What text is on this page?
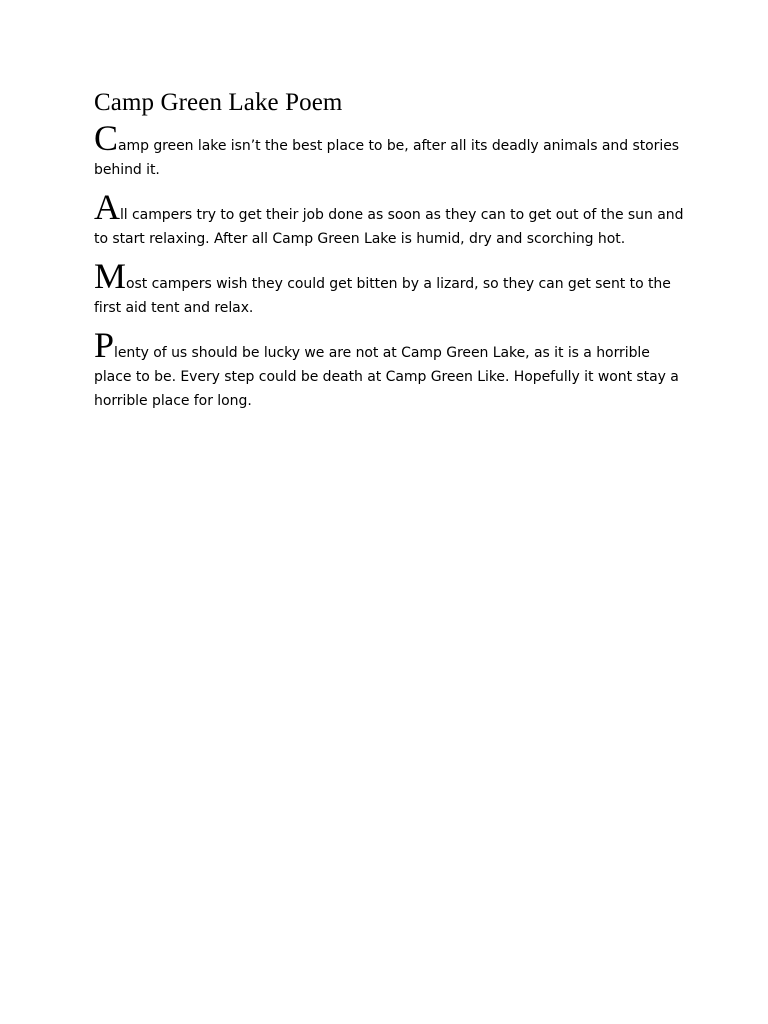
Camp Green Lake Poem

Camp green lake isn’t the best place to be, after all its deadly animals and stories behind it.

All campers try to get their job done as soon as they can to get out of the sun and to start relaxing. After all Camp Green Lake is humid, dry and scorching hot.

Most campers wish they could get bitten by a lizard, so they can get sent to the first aid tent and relax.

Plenty of us should be lucky we are not at Camp Green Lake, as it is a horrible place to be. Every step could be death at Camp Green Like. Hopefully it wont stay a horrible place for long.
